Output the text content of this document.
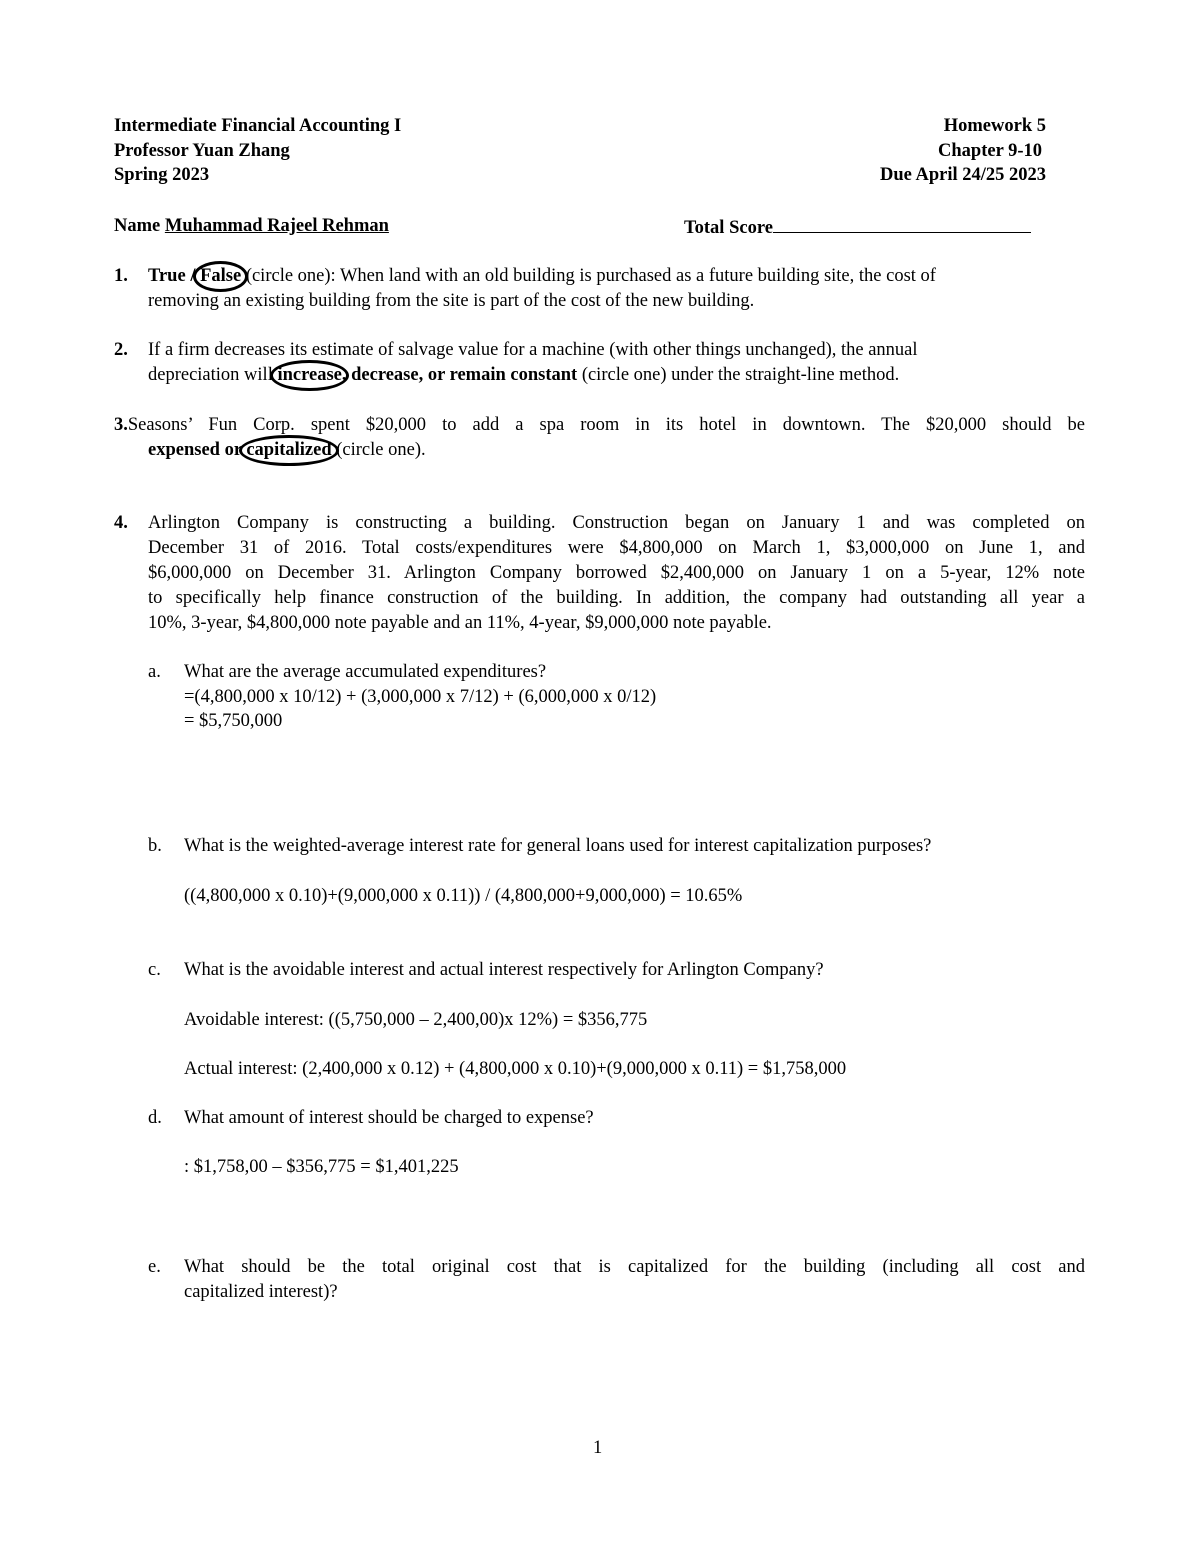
Intermediate Financial Accounting I
Professor Yuan Zhang
Spring 2023
Homework 5
Chapter 9-10
Due April 24/25 2023
Name Muhammad Rajeel Rehman	Total Score
1. True / False (circle one): When land with an old building is purchased as a future building site, the cost of
removing an existing building from the site is part of the cost of the new building.
2. If a firm decreases its estimate of salvage value for a machine (with other things unchanged), the annual
depreciation will increase, decrease, or remain constant (circle one) under the straight-line method.
3.Seasons’ Fun Corp. spent $20,000 to add a spa room in its hotel in downtown. The $20,000 should be
expensed or capitalized (circle one).
4. Arlington Company is constructing a building. Construction began on January 1 and was completed on
December 31 of 2016. Total costs/expenditures were $4,800,000 on March 1, $3,000,000 on June 1, and
$6,000,000 on December 31. Arlington Company borrowed $2,400,000 on January 1 on a 5-year, 12% note
to specifically help finance construction of the building. In addition, the company had outstanding all year a
10%, 3-year, $4,800,000 note payable and an 11%, 4-year, $9,000,000 note payable.
a. What are the average accumulated expenditures?
=(4,800,000 x 10/12) + (3,000,000 x 7/12) + (6,000,000 x 0/12)
= $5,750,000
b. What is the weighted-average interest rate for general loans used for interest capitalization purposes?
((4,800,000 x 0.10)+(9,000,000 x 0.11)) / (4,800,000+9,000,000) = 10.65%
c. What is the avoidable interest and actual interest respectively for Arlington Company?
Avoidable interest: ((5,750,000 – 2,400,00)x 12%) = $356,775
Actual interest: (2,400,000 x 0.12) + (4,800,000 x 0.10)+(9,000,000 x 0.11) = $1,758,000
d. What amount of interest should be charged to expense?
: $1,758,00 – $356,775 = $1,401,225
e. What should be the total original cost that is capitalized for the building (including all cost and
capitalized interest)?
1
